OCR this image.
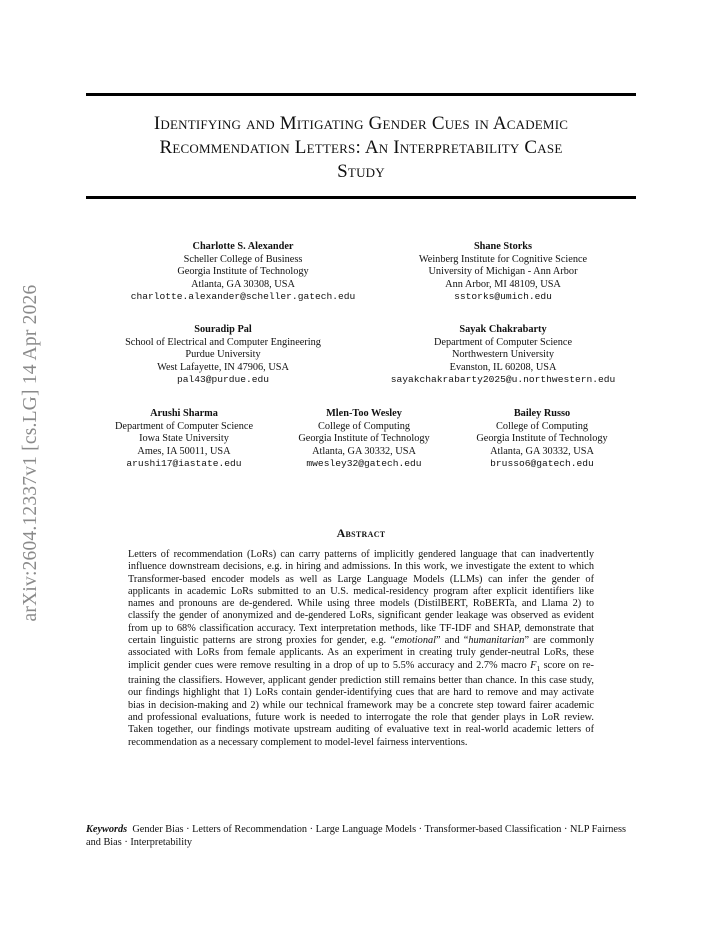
arXiv:2604.12337v1 [cs.LG] 14 Apr 2026
Identifying and Mitigating Gender Cues in Academic
Recommendation Letters: An Interpretability Case
Study
Charlotte S. Alexander
Scheller College of Business
Georgia Institute of Technology
Atlanta, GA 30308, USA
charlotte.alexander@scheller.gatech.edu
Shane Storks
Weinberg Institute for Cognitive Science
University of Michigan - Ann Arbor
Ann Arbor, MI 48109, USA
sstorks@umich.edu
Souradip Pal
School of Electrical and Computer Engineering
Purdue University
West Lafayette, IN 47906, USA
pal43@purdue.edu
Sayak Chakrabarty
Department of Computer Science
Northwestern University
Evanston, IL 60208, USA
sayakchakrabarty2025@u.northwestern.edu
Arushi Sharma
Department of Computer Science
Iowa State University
Ames, IA 50011, USA
arushi17@iastate.edu
Mlen-Too Wesley
College of Computing
Georgia Institute of Technology
Atlanta, GA 30332, USA
mwesley32@gatech.edu
Bailey Russo
College of Computing
Georgia Institute of Technology
Atlanta, GA 30332, USA
brusso6@gatech.edu
Abstract
Letters of recommendation (LoRs) can carry patterns of implicitly gendered language that can inadvertently influence downstream decisions, e.g. in hiring and admissions. In this work, we investigate the extent to which Transformer-based encoder models as well as Large Language Models (LLMs) can infer the gender of applicants in academic LoRs submitted to an U.S. medical-residency program after explicit identifiers like names and pronouns are de-gendered. While using three models (DistilBERT, RoBERTa, and Llama 2) to classify the gender of anonymized and de-gendered LoRs, significant gender leakage was observed as evident from up to 68% classification accuracy. Text interpretation methods, like TF-IDF and SHAP, demonstrate that certain linguistic patterns are strong proxies for gender, e.g. “emotional” and “humanitarian” are commonly associated with LoRs from female applicants. As an experiment in creating truly gender-neutral LoRs, these implicit gender cues were remove resulting in a drop of up to 5.5% accuracy and 2.7% macro $F_1$ score on re-training the classifiers. However, applicant gender prediction still remains better than chance. In this case study, our findings highlight that 1) LoRs contain gender-identifying cues that are hard to remove and may activate bias in decision-making and 2) while our technical framework may be a concrete step toward fairer academic and professional evaluations, future work is needed to interrogate the role that gender plays in LoR review. Taken together, our findings motivate upstream auditing of evaluative text in real-world academic letters of recommendation as a necessary complement to model-level fairness interventions.
Keywords Gender Bias · Letters of Recommendation · Large Language Models · Transformer-based Classification · NLP Fairness and Bias · Interpretability
